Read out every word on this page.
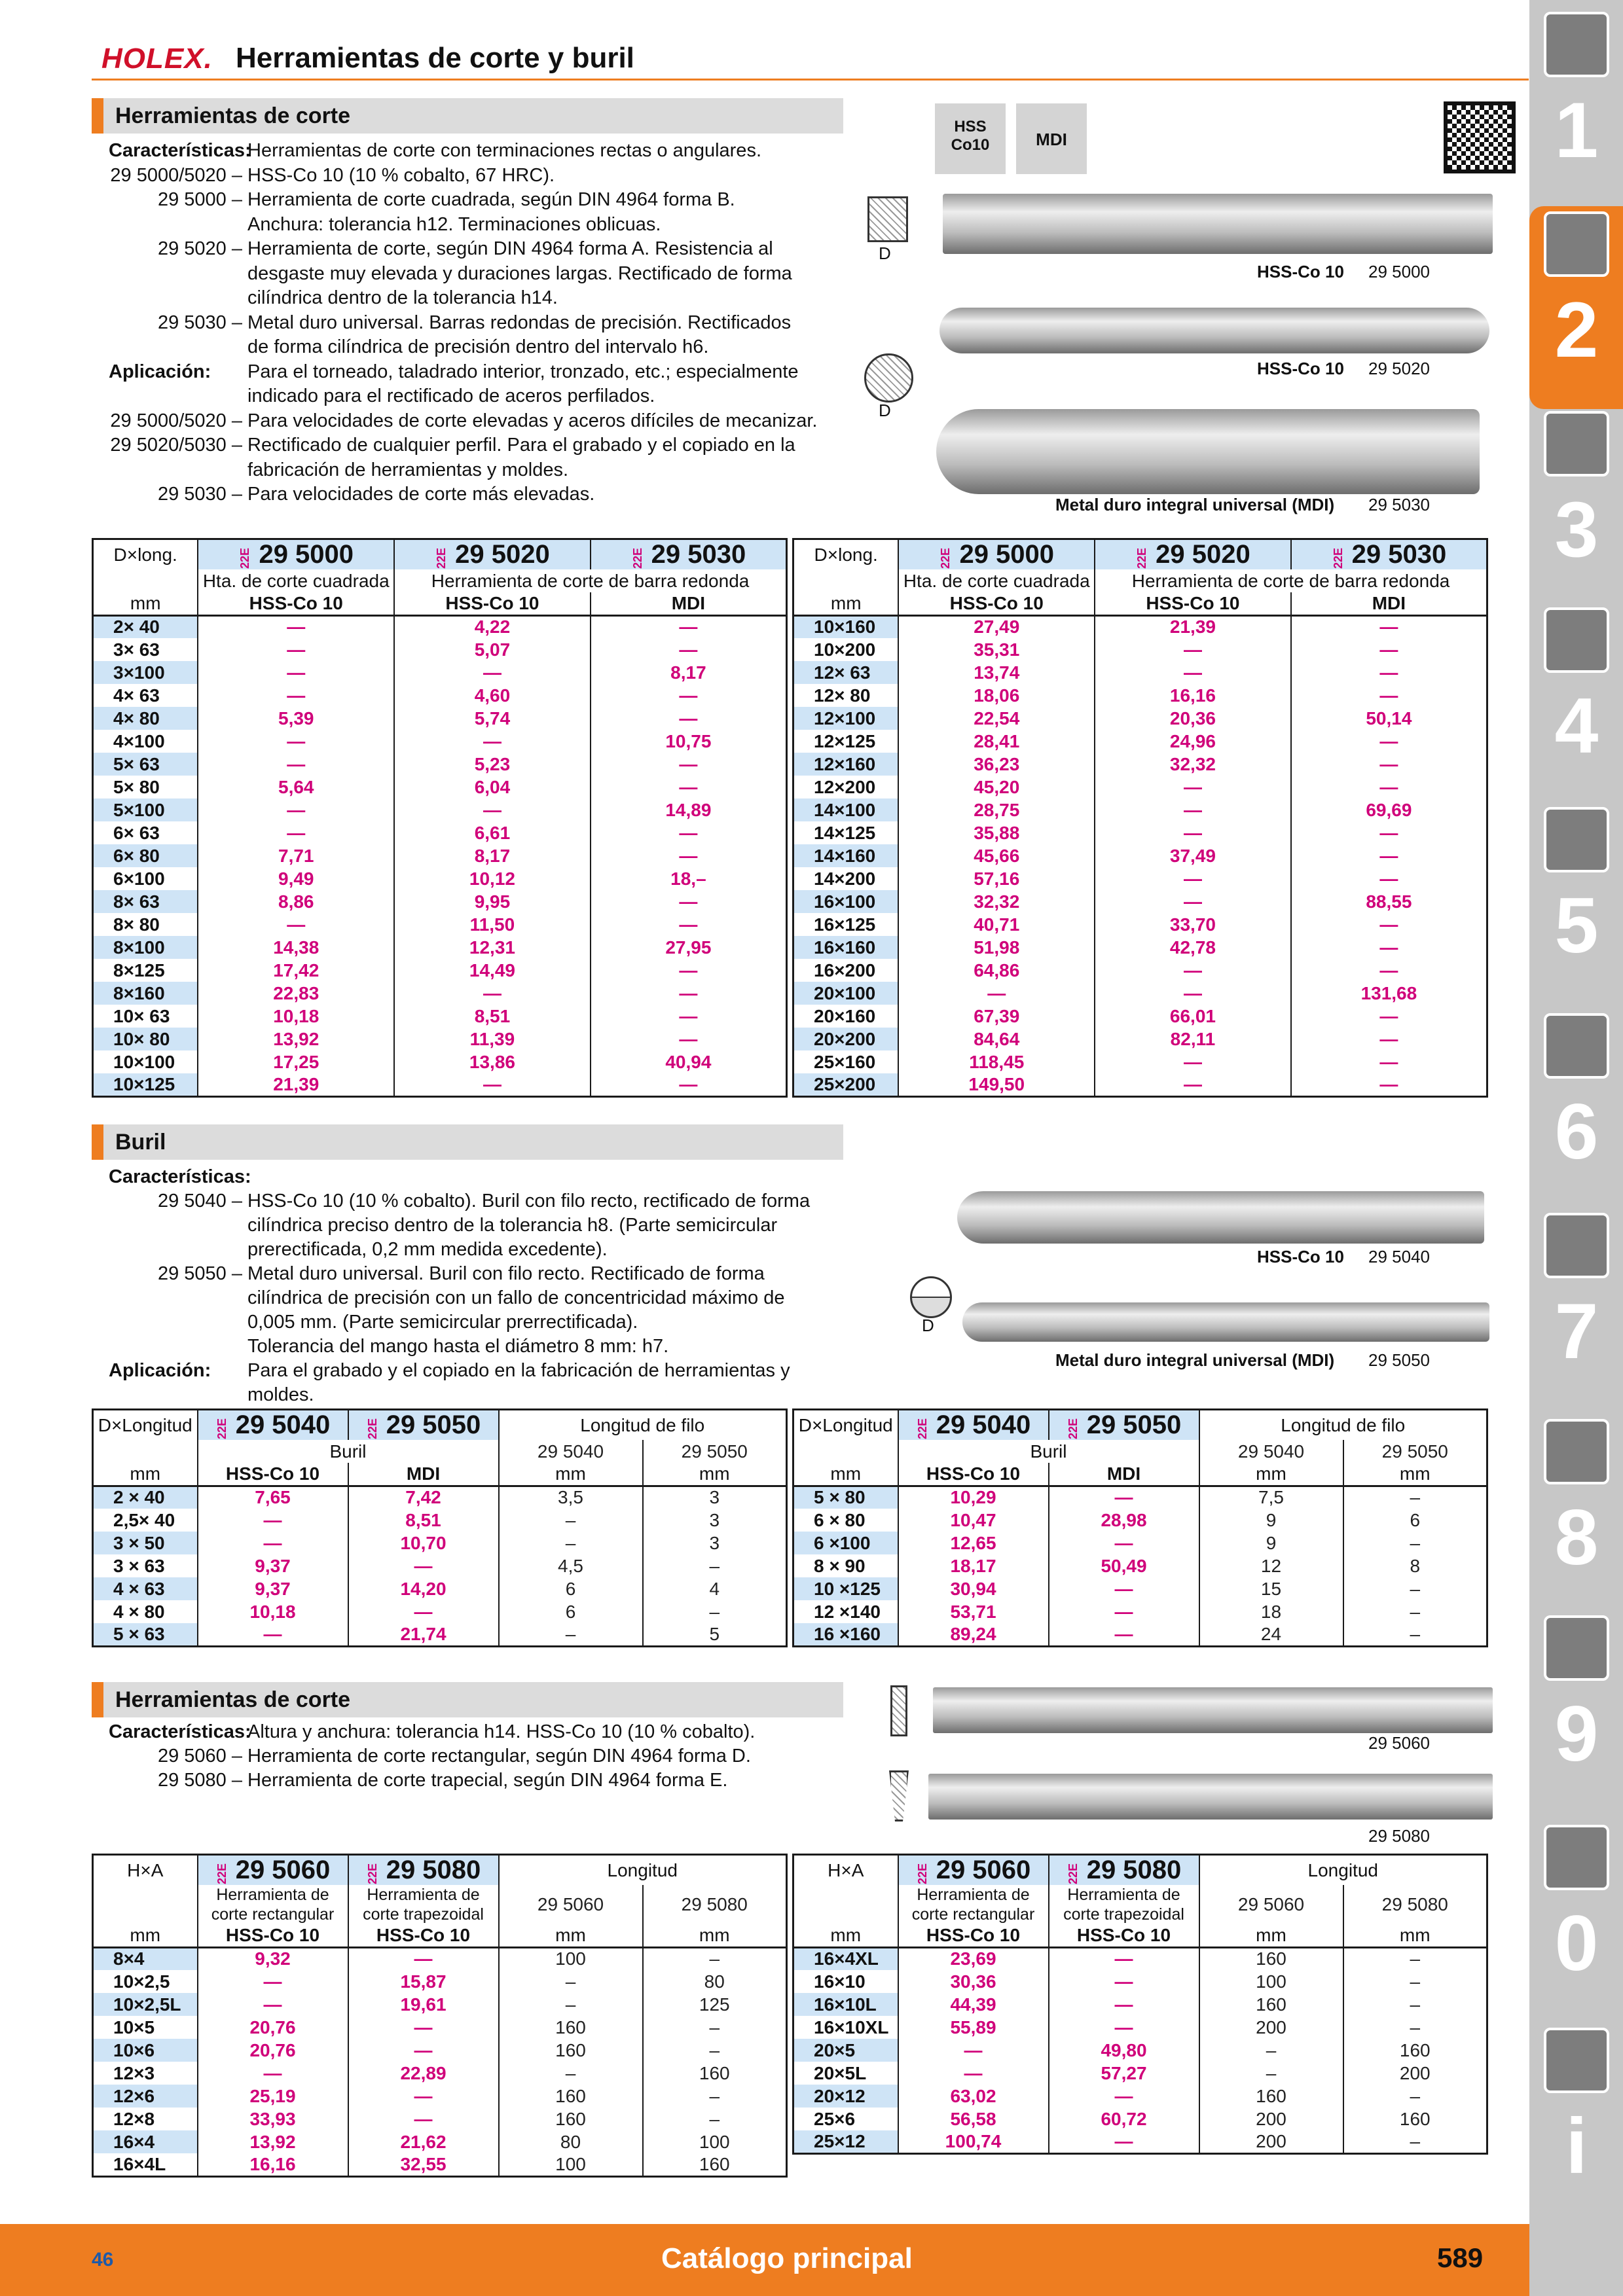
HOLEX. Herramientas de corte y buril
1
2
3
4
5
6
7
8
9
0
i
Herramientas de corte
Características:
Herramientas de corte con terminaciones rectas o angulares.
29 5000/5020 – HSS-Co 10 (10 % cobalto, 67 HRC).
29 5000 – Herramienta de corte cuadrada, según DIN 4964 forma B.
Anchura: tolerancia h12. Terminaciones oblicuas.
29 5020 – Herramienta de corte, según DIN 4964 forma A. Resistencia al
desgaste muy elevada y duraciones largas. Rectificado de forma
cilíndrica dentro de la tolerancia h14.
29 5030 – Metal duro universal. Barras redondas de precisión. Rectificados
de forma cilíndrica de precisión dentro del intervalo h6.
Aplicación: Para el torneado, taladrado interior, tronzado, etc.; especialmente
indicado para el rectificado de aceros perfilados.
29 5000/5020 – Para velocidades de corte elevadas y aceros difíciles de mecanizar.
29 5020/5030 – Rectificado de cualquier perfil. Para el grabado y el copiado en la
fabricación de herramientas y moldes.
29 5030 – Para velocidades de corte más elevadas.
HSS Co10	MDI
D
D
HSS-Co 10 29 5000
HSS-Co 10 29 5020
Metal duro integral universal (MDI) 29 5030
D×long.	22E 29 5000	22E 29 5020	22E 29 5030
	Hta. de corte cuadrada	Herramienta de corte de barra redonda	
mm	HSS-Co 10	HSS-Co 10	MDI
2× 40	—	4,22	—
3× 63	—	5,07	—
3×100	—	—	8,17
4× 63	—	4,60	—
4× 80	5,39	5,74	—
4×100	—	—	10,75
5× 63	—	5,23	—
5× 80	5,64	6,04	—
5×100	—	—	14,89
6× 63	—	6,61	—
6× 80	7,71	8,17	—
6×100	9,49	10,12	18,–
8× 63	8,86	9,95	—
8× 80	—	11,50	—
8×100	14,38	12,31	27,95
8×125	17,42	14,49	—
8×160	22,83	—	—
10× 63	10,18	8,51	—
10× 80	13,92	11,39	—
10×100	17,25	13,86	40,94
10×125	21,39	—	—
D×long.	22E 29 5000	22E 29 5020	22E 29 5030
	Hta. de corte cuadrada	Herramienta de corte de barra redonda	
mm	HSS-Co 10	HSS-Co 10	MDI
10×160	27,49	21,39	—
10×200	35,31	—	—
12× 63	13,74	—	—
12× 80	18,06	16,16	—
12×100	22,54	20,36	50,14
12×125	28,41	24,96	—
12×160	36,23	32,32	—
12×200	45,20	—	—
14×100	28,75	—	69,69
14×125	35,88	—	—
14×160	45,66	37,49	—
14×200	57,16	—	—
16×100	32,32	—	88,55
16×125	40,71	33,70	—
16×160	51,98	42,78	—
16×200	64,86	—	—
20×100	—	—	131,68
20×160	67,39	66,01	—
20×200	84,64	82,11	—
25×160	118,45	—	—
25×200	149,50	—	—
Buril
Características:
29 5040 – HSS-Co 10 (10 % cobalto). Buril con filo recto, rectificado de forma
cilíndrica preciso dentro de la tolerancia h8. (Parte semicircular
prerectificada, 0,2 mm medida excedente).
29 5050 – Metal duro universal. Buril con filo recto. Rectificado de forma
cilíndrica de precisión con un fallo de concentricidad máximo de
0,005 mm. (Parte semicircular prerrectificada).
Tolerancia del mango hasta el diámetro 8 mm: h7.
Aplicación: Para el grabado y el copiado en la fabricación de herramientas y
moldes.
HSS-Co 10 29 5040
D
Metal duro integral universal (MDI) 29 5050
D×Longitud	22E 29 5040	22E 29 5050	Longitud de filo	
	Buril		29 5040	29 5050
mm	HSS-Co 10	MDI	mm	mm
2 × 40	7,65	7,42	3,5	3
2,5× 40	—	8,51	–	3
3 × 50	—	10,70	–	3
3 × 63	9,37	—	4,5	–
4 × 63	9,37	14,20	6	4
4 × 80	10,18	—	6	–
5 × 63	—	21,74	–	5
D×Longitud	22E 29 5040	22E 29 5050	Longitud de filo	
	Buril		29 5040	29 5050
mm	HSS-Co 10	MDI	mm	mm
5 × 80	10,29	—	7,5	–
6 × 80	10,47	28,98	9	6
6 ×100	12,65	—	9	–
8 × 90	18,17	50,49	12	8
10 ×125	30,94	—	15	–
12 ×140	53,71	—	18	–
16 ×160	89,24	—	24	–
Herramientas de corte
Características:
Altura y anchura: tolerancia h14. HSS-Co 10 (10 % cobalto).
29 5060 – Herramienta de corte rectangular, según DIN 4964 forma D.
29 5080 – Herramienta de corte trapecial, según DIN 4964 forma E.
29 5060
29 5080
H×A	22E 29 5060	22E 29 5080	Longitud	
	Herramienta de corte rectangular	Herramienta de corte trapezoidal	29 5060	29 5080
mm	HSS-Co 10	HSS-Co 10	mm	mm
8×4	9,32	—	100	–
10×2,5	—	15,87	–	80
10×2,5L	—	19,61	–	125
10×5	20,76	—	160	–
10×6	20,76	—	160	–
12×3	—	22,89	–	160
12×6	25,19	—	160	–
12×8	33,93	—	160	–
16×4	13,92	21,62	80	100
16×4L	16,16	32,55	100	160
H×A	22E 29 5060	22E 29 5080	Longitud	
	Herramienta de corte rectangular	Herramienta de corte trapezoidal	29 5060	29 5080
mm	HSS-Co 10	HSS-Co 10	mm	mm
16×4XL	23,69	—	160	–
16×10	30,36	—	100	–
16×10L	44,39	—	160	–
16×10XL	55,89	—	200	–
20×5	—	49,80	–	160
20×5L	—	57,27	–	200
20×12	63,02	—	160	–
25×6	56,58	60,72	200	160
25×12	100,74	—	200	–
46	Catálogo principal	589
